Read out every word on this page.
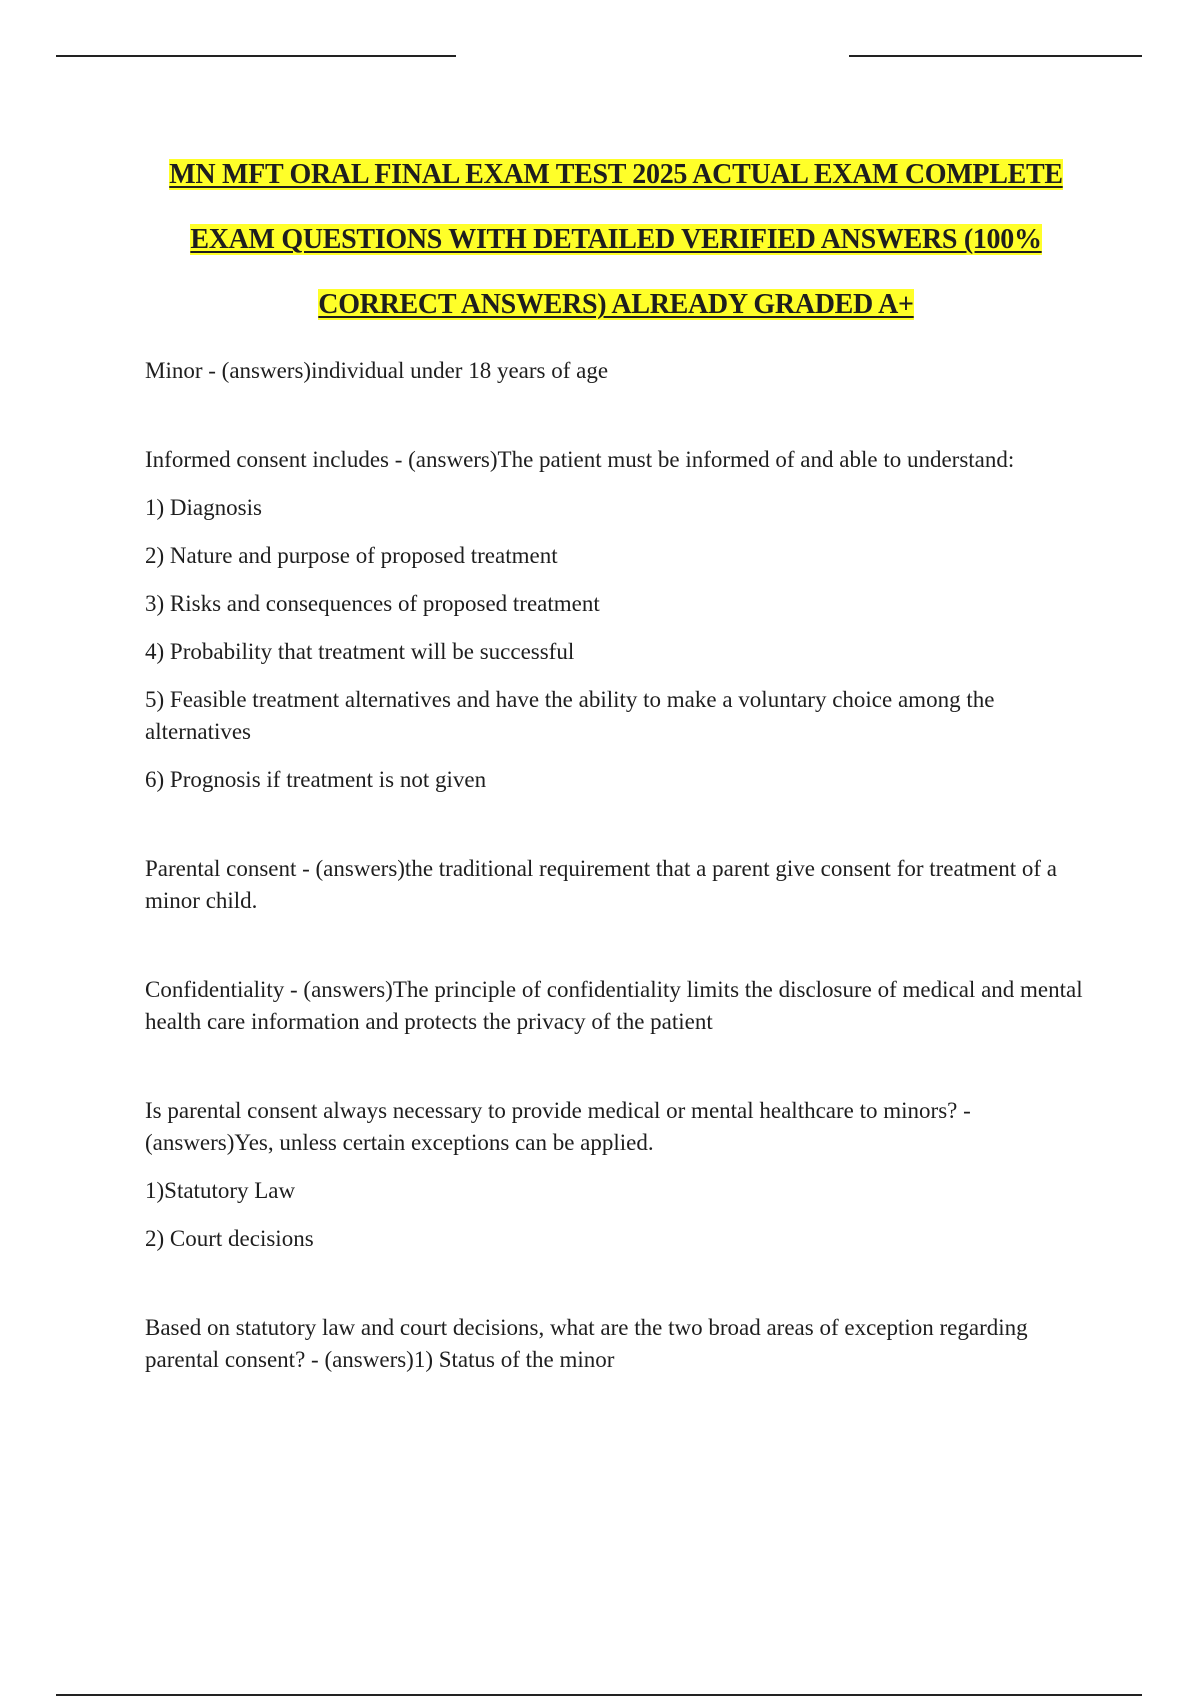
MN MFT ORAL FINAL EXAM TEST 2025 ACTUAL EXAM COMPLETE
EXAM QUESTIONS WITH DETAILED VERIFIED ANSWERS (100%
CORRECT ANSWERS) ALREADY GRADED A+

Minor - (answers)individual under 18 years of age

Informed consent includes - (answers)The patient must be informed of and able to understand:

1) Diagnosis

2) Nature and purpose of proposed treatment

3) Risks and consequences of proposed treatment

4) Probability that treatment will be successful

5) Feasible treatment alternatives and have the ability to make a voluntary choice among the alternatives

6) Prognosis if treatment is not given

Parental consent - (answers)the traditional requirement that a parent give consent for treatment of a minor child.

Confidentiality - (answers)The principle of confidentiality limits the disclosure of medical and mental health care information and protects the privacy of the patient

Is parental consent always necessary to provide medical or mental healthcare to minors? - (answers)Yes, unless certain exceptions can be applied.

1)Statutory Law

2) Court decisions

Based on statutory law and court decisions, what are the two broad areas of exception regarding parental consent? - (answers)1) Status of the minor
